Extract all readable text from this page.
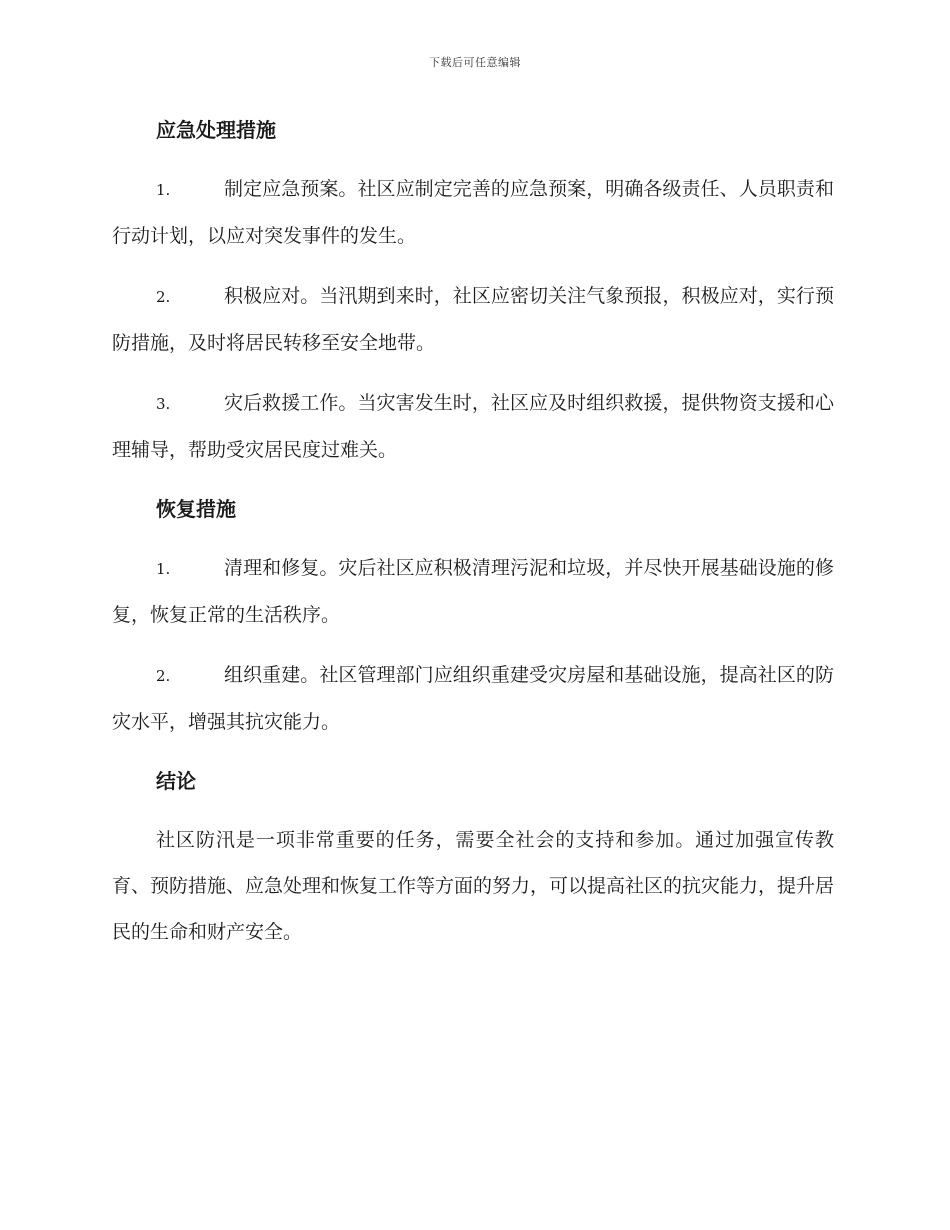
下载后可任意编辑
应急处理措施

1.	制定应急预案。社区应制定完善的应急预案，明确各级责任、人员职责和行动计划，以应对突发事件的发生。

2.	积极应对。当汛期到来时，社区应密切关注气象预报，积极应对，实行预防措施，及时将居民转移至安全地带。

3.	灾后救援工作。当灾害发生时，社区应及时组织救援，提供物资支援和心理辅导，帮助受灾居民度过难关。

恢复措施

1.	清理和修复。灾后社区应积极清理污泥和垃圾，并尽快开展基础设施的修复，恢复正常的生活秩序。

2.	组织重建。社区管理部门应组织重建受灾房屋和基础设施，提高社区的防灾水平，增强其抗灾能力。

结论

社区防汛是一项非常重要的任务，需要全社会的支持和参加。通过加强宣传教育、预防措施、应急处理和恢复工作等方面的努力，可以提高社区的抗灾能力，提升居民的生命和财产安全。
